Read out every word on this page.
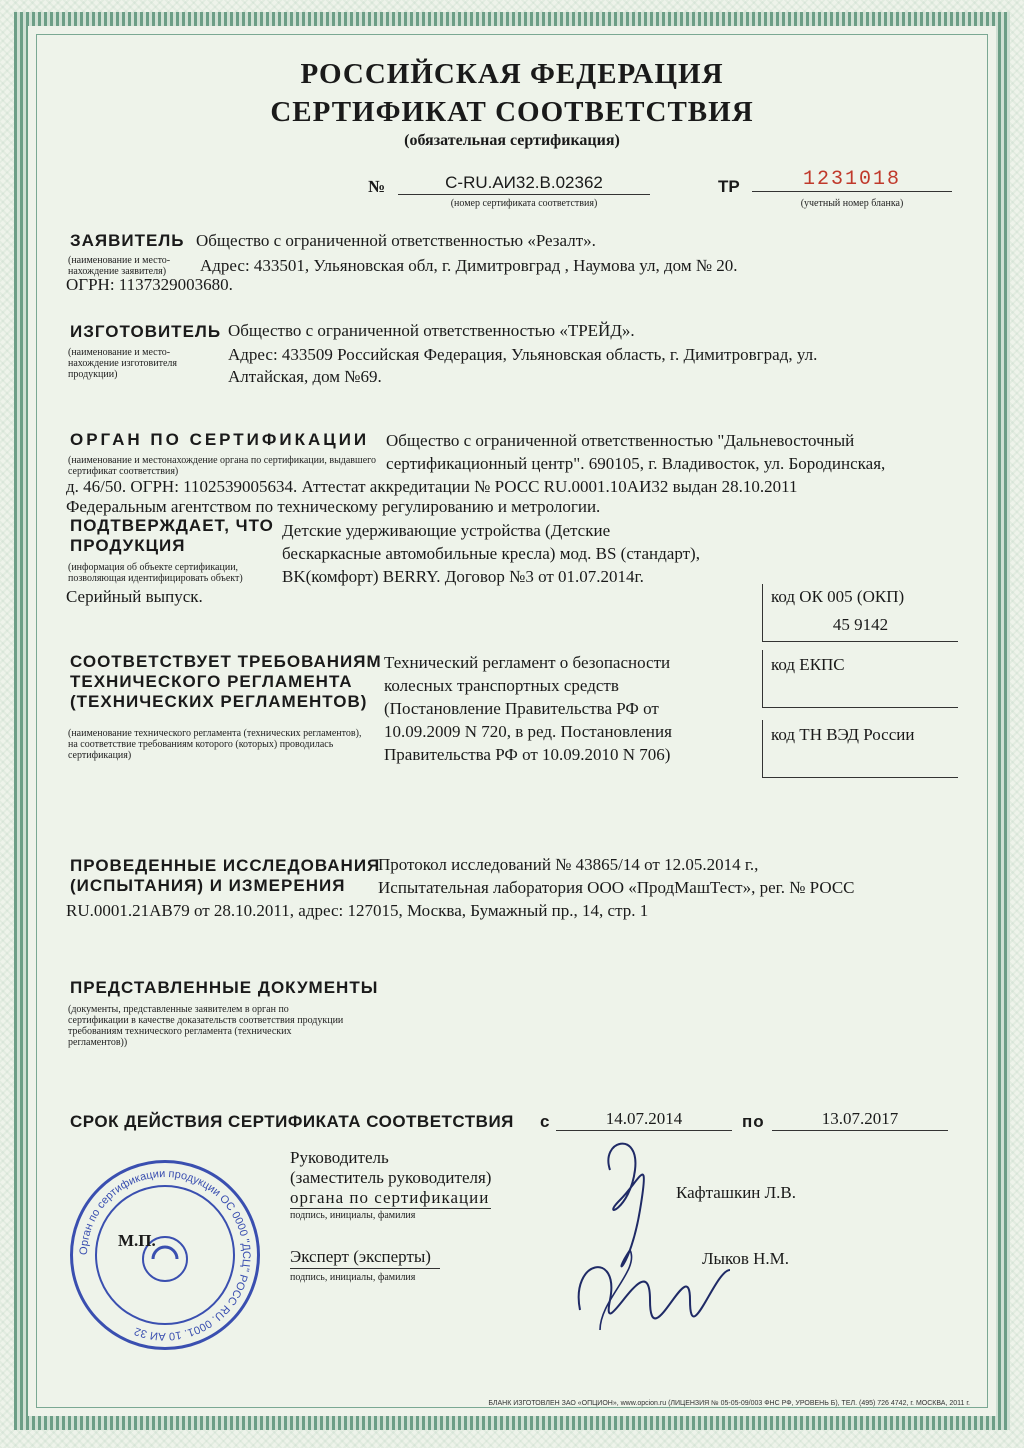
РОССИЙСКАЯ ФЕДЕРАЦИЯ
СЕРТИФИКАТ СООТВЕТСТВИЯ
(обязательная сертификация)
№	C-RU.АИ32.В.02362
(номер сертификата соответствия)
ТР	1231018
(учетный номер бланка)
ЗАЯВИТЕЛЬ
(наименование и место-нахождение заявителя)
Общество с ограниченной ответственностью «Резалт».
Адрес: 433501, Ульяновская обл, г. Димитровград , Наумова ул, дом № 20.
ОГРН: 1137329003680.
ИЗГОТОВИТЕЛЬ
(наименование и место-нахождение изготовителя продукции)
Общество с ограниченной ответственностью «ТРЕЙД».
Адрес: 433509 Российская Федерация, Ульяновская область, г. Димитровград, ул.
Алтайская, дом №69.
ОРГАН ПО СЕРТИФИКАЦИИ
(наименование и местонахождение органа по сертификации, выдавшего сертификат соответствия)
Общество с ограниченной ответственностью "Дальневосточный
сертификационный центр". 690105, г. Владивосток, ул. Бородинская,
д. 46/50. ОГРН: 1102539005634. Аттестат аккредитации № РОСС RU.0001.10АИ32 выдан 28.10.2011
Федеральным агентством по техническому регулированию и метрологии.
ПОДТВЕРЖДАЕТ, ЧТО
ПРОДУКЦИЯ
(информация об объекте сертификации, позволяющая идентифицировать объект)
Детские удерживающие устройства (Детские
бескаркасные автомобильные кресла) мод. BS (стандарт),
BK(комфорт) BERRY. Договор №3 от 01.07.2014г.
Серийный выпуск.	код ОК 005 (ОКП)
45 9142
код ЕКПС
код ТН ВЭД России
СООТВЕТСТВУЕТ ТРЕБОВАНИЯМ
ТЕХНИЧЕСКОГО РЕГЛАМЕНТА
(ТЕХНИЧЕСКИХ РЕГЛАМЕНТОВ)
(наименование технического регламента (технических регламентов), на соответствие требованиям которого (которых) проводилась сертификация)
Технический регламент о безопасности
колесных транспортных средств
(Постановление Правительства РФ от
10.09.2009 N 720, в ред. Постановления
Правительства РФ от 10.09.2010 N 706)
ПРОВЕДЕННЫЕ ИССЛЕДОВАНИЯ
(ИСПЫТАНИЯ) И ИЗМЕРЕНИЯ
Протокол исследований № 43865/14 от 12.05.2014 г.,
Испытательная лаборатория ООО «ПродМашТест», рег. № РОСС
RU.0001.21АВ79 от 28.10.2011, адрес: 127015, Москва, Бумажный пр., 14, стр. 1
ПРЕДСТАВЛЕННЫЕ ДОКУМЕНТЫ
(документы, представленные заявителем в орган по сертификации в качестве доказательств соответствия продукции требованиям технического регламента (технических регламентов))
СРОК ДЕЙСТВИЯ СЕРТИФИКАТА СООТВЕТСТВИЯ с	14.07.2014	по	13.07.2017
Руководитель
(заместитель руководителя)
органа по сертификации
подпись, инициалы, фамилия
Кафташкин Л.В.
Эксперт (эксперты)
подпись, инициалы, фамилия
Лыков Н.М.
Орган по сертификации продукции ОС 0000 "ДСЦ" РОСС RU. 0001. 10 АИ 32
М.П.
БЛАНК ИЗГОТОВЛЕН ЗАО «ОПЦИОН», www.opcion.ru (ЛИЦЕНЗИЯ № 05-05-09/003 ФНС РФ, УРОВЕНЬ Б), ТЕЛ. (495) 726 4742, г. МОСКВА, 2011 г.
